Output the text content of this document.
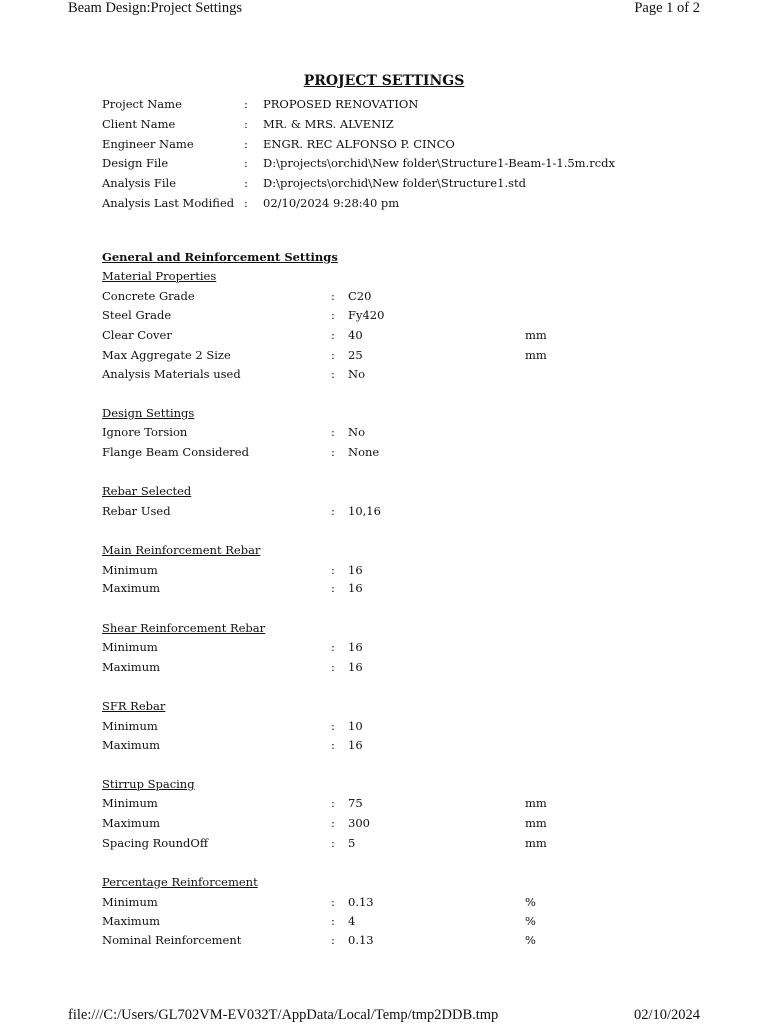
Beam Design:Project Settings	Page 1 of 2
file:///C:/Users/GL702VM-EV032T/AppData/Local/Temp/tmp2DDB.tmp	02/10/2024
PROJECT SETTINGS
Project Name	: PROPOSED RENOVATION
Client Name	: MR. & MRS. ALVENIZ
Engineer Name	: ENGR. REC ALFONSO P. CINCO
Design File	: D:\projects\orchid\New folder\Structure1-Beam-1-1.5m.rcdx
Analysis File	: D:\projects\orchid\New folder\Structure1.std
Analysis Last Modified : 02/10/2024 9:28:40 pm
General and Reinforcement Settings
Material Properties
Concrete Grade	: C20
Steel Grade	: Fy420
Clear Cover	: 40	mm
Max Aggregate 2 Size	: 25	mm
Analysis Materials used	: No
Design Settings
Ignore Torsion	: No
Flange Beam Considered	: None
Rebar Selected
Rebar Used	: 10,16
Main Reinforcement Rebar
Minimum	: 16
Maximum	: 16
Shear Reinforcement Rebar
Minimum	: 16
Maximum	: 16
SFR Rebar
Minimum	: 10
Maximum	: 16
Stirrup Spacing
Minimum	: 75	mm
Maximum	: 300	mm
Spacing RoundOff	: 5	mm
Percentage Reinforcement
Minimum	: 0.13	%
Maximum	: 4	%
Nominal Reinforcement	: 0.13	%
